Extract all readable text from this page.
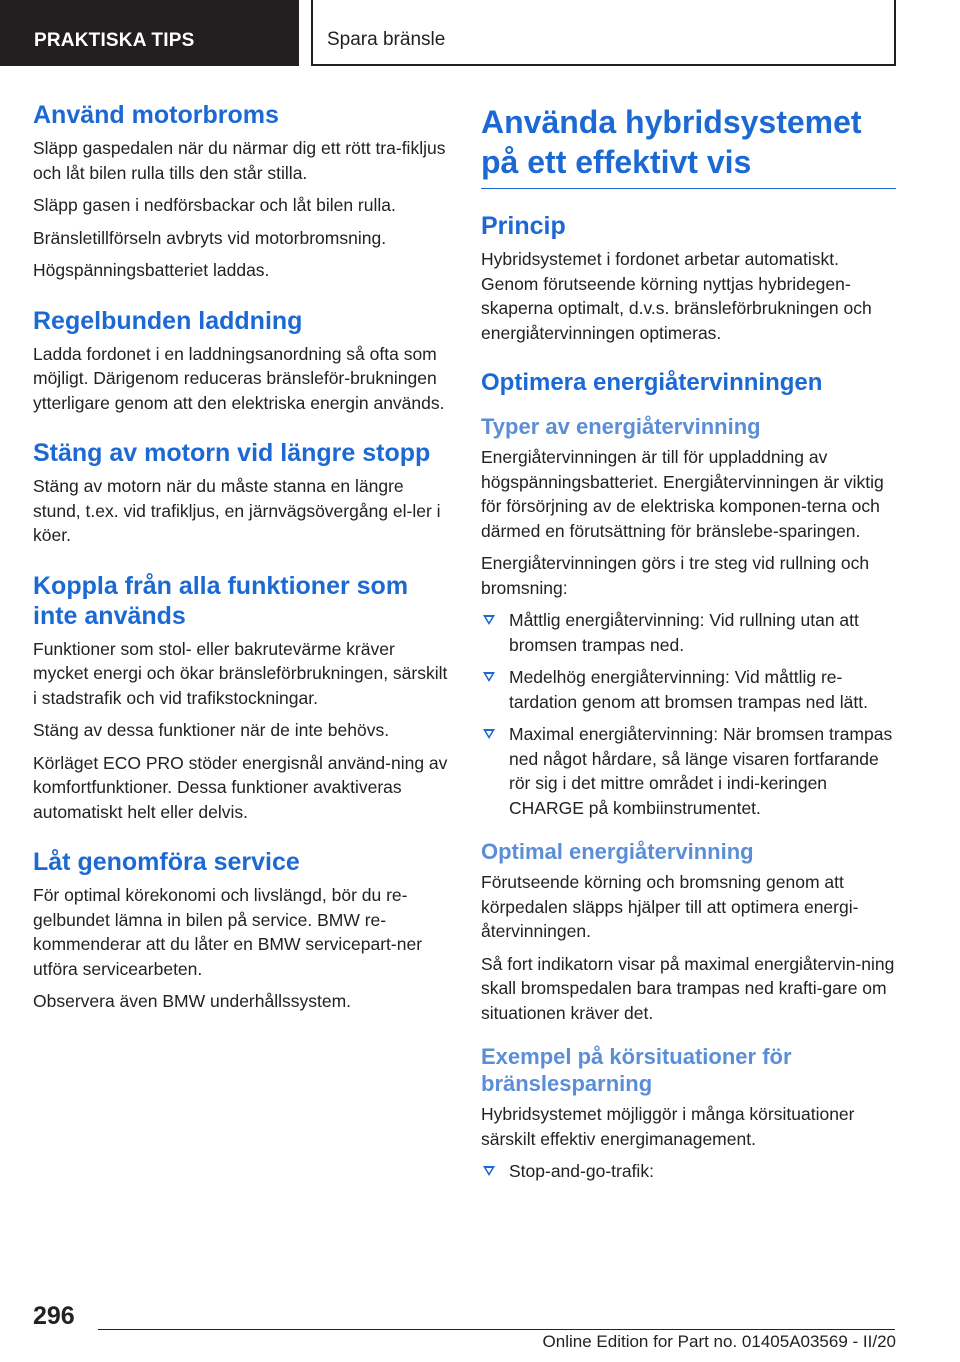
PRAKTISKA TIPS	Spara bränsle
Använd motorbroms
Släpp gaspedalen när du närmar dig ett rött tra-fikljus och låt bilen rulla tills den står stilla.
Släpp gasen i nedförsbackar och låt bilen rulla.
Bränsletillförseln avbryts vid motorbromsning.
Högspänningsbatteriet laddas.
Regelbunden laddning
Ladda fordonet i en laddningsanordning så ofta som möjligt. Därigenom reduceras bränsleför-brukningen ytterligare genom att den elektriska energin används.
Stäng av motorn vid längre stopp
Stäng av motorn när du måste stanna en längre stund, t.ex. vid trafikljus, en järnvägsövergång el-ler i köer.
Koppla från alla funktioner som inte används
Funktioner som stol- eller bakrutevärme kräver mycket energi och ökar bränsleförbrukningen, särskilt i stadstrafik och vid trafikstockningar.
Stäng av dessa funktioner när de inte behövs.
Körläget ECO PRO stöder energisnål använd-ning av komfortfunktioner. Dessa funktioner avaktiveras automatiskt helt eller delvis.
Låt genomföra service
För optimal körekonomi och livslängd, bör du re-gelbundet lämna in bilen på service. BMW re-kommenderar att du låter en BMW servicepart-ner utföra servicearbeten.
Observera även BMW underhållssystem.
Använda hybridsystemet på ett effektivt vis
Princip
Hybridsystemet i fordonet arbetar automatiskt. Genom förutseende körning nyttjas hybridegen-skaperna optimalt, d.v.s. bränsleförbrukningen och energiåtervinningen optimeras.
Optimera energiåtervinningen
Typer av energiåtervinning
Energiåtervinningen är till för uppladdning av högspänningsbatteriet. Energiåtervinningen är viktig för försörjning av de elektriska komponen-terna och därmed en förutsättning för bränslebe-sparingen.
Energiåtervinningen görs i tre steg vid rullning och bromsning:
Måttlig energiåtervinning: Vid rullning utan att bromsen trampas ned.
Medelhög energiåtervinning: Vid måttlig re-tardation genom att bromsen trampas ned lätt.
Maximal energiåtervinning: När bromsen trampas ned något hårdare, så länge visaren fortfarande rör sig i det mittre området i indi-keringen CHARGE på kombiinstrumentet.
Optimal energiåtervinning
Förutseende körning och bromsning genom att körpedalen släpps hjälper till att optimera energi-återvinningen.
Så fort indikatorn visar på maximal energiåtervin-ning skall bromspedalen bara trampas ned krafti-gare om situationen kräver det.
Exempel på körsituationer för bränslesparning
Hybridsystemet möjliggör i många körsituationer särskilt effektiv energimanagement.
Stop-and-go-trafik:
296
Online Edition for Part no. 01405A03569 - II/20
